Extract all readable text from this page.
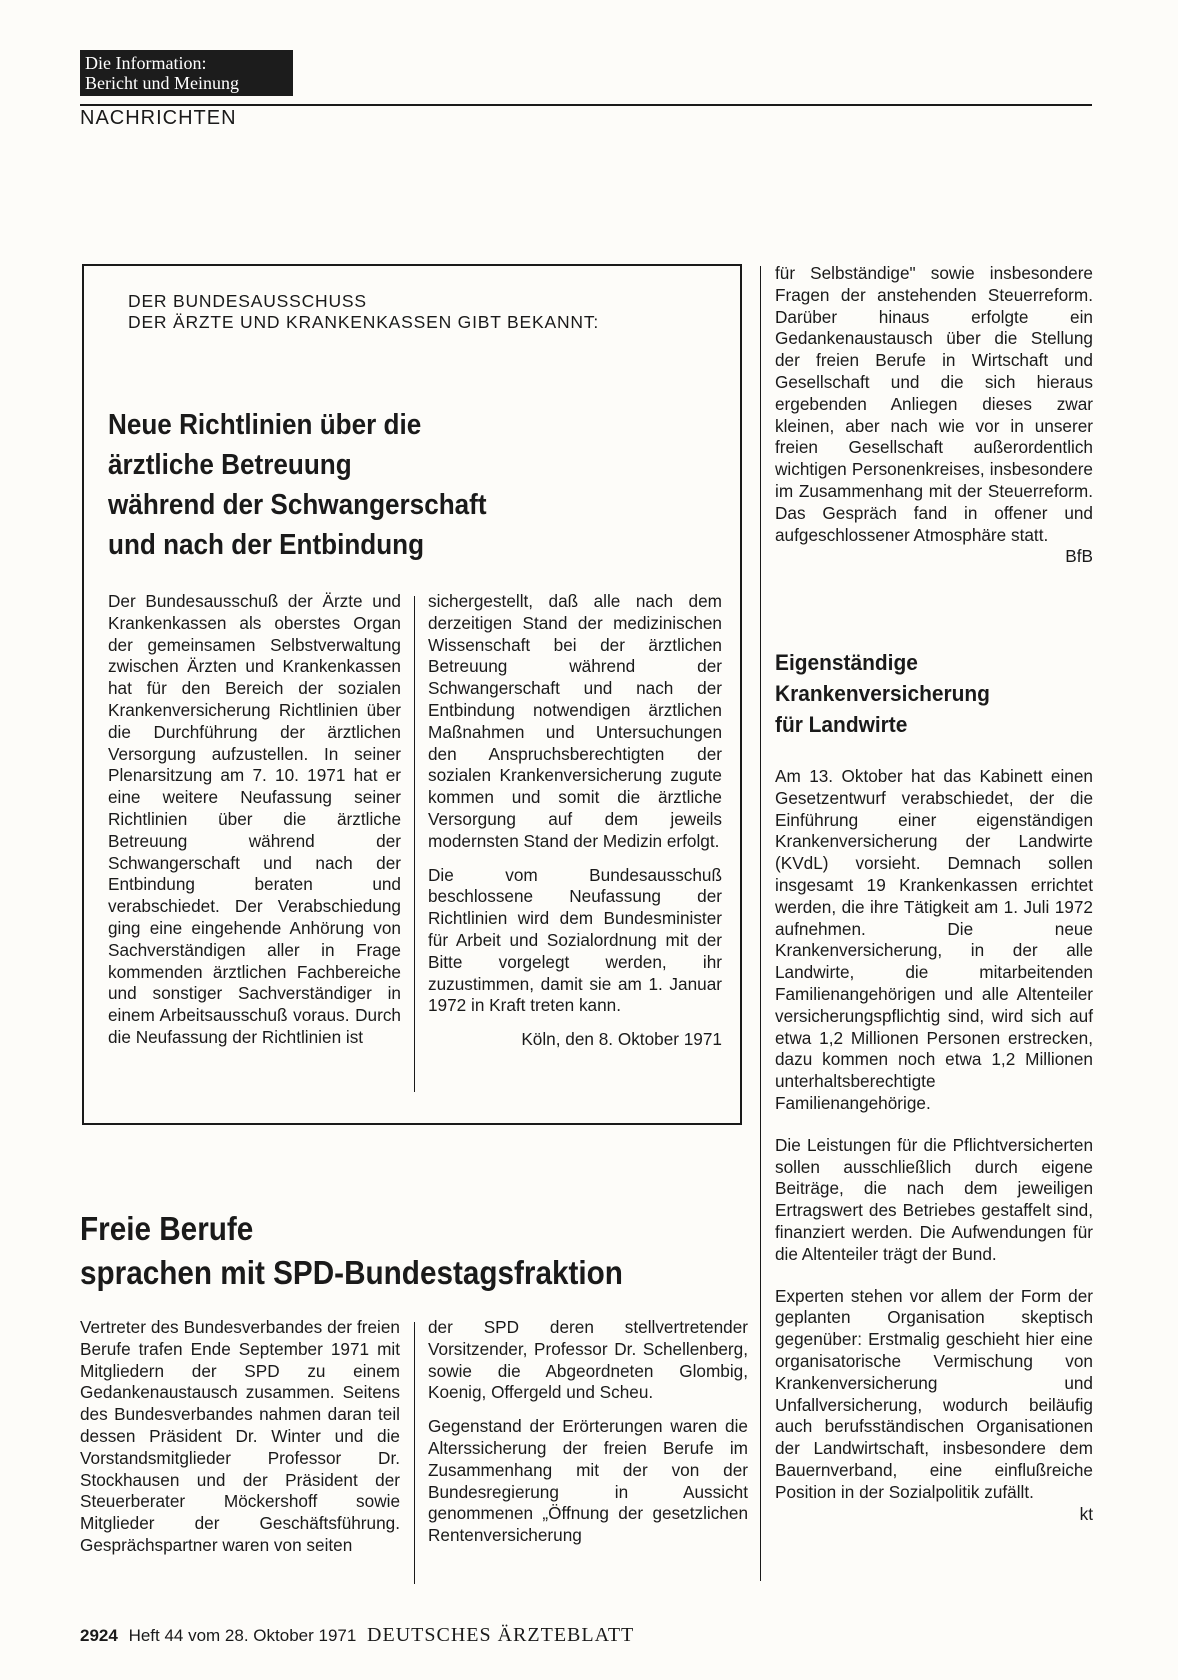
Die Information:
Bericht und Meinung
NACHRICHTEN
DER BUNDESAUSSCHUSS
DER ÄRZTE UND KRANKENKASSEN GIBT BEKANNT:
Neue Richtlinien über die
ärztliche Betreuung
während der Schwangerschaft
und nach der Entbindung

Der Bundesausschuß der Ärzte und Krankenkassen als oberstes Organ der gemeinsamen Selbstverwaltung zwischen Ärzten und Krankenkassen hat für den Bereich der sozialen Krankenversicherung Richtlinien über die Durchführung der ärztlichen Versorgung aufzustellen. In seiner Plenarsitzung am 7. 10. 1971 hat er eine weitere Neufassung seiner Richtlinien über die ärztliche Betreuung während der Schwangerschaft und nach der Entbindung beraten und verabschiedet. Der Verabschiedung ging eine eingehende Anhörung von Sachverständigen aller in Frage kommenden ärztlichen Fachbereiche und sonstiger Sachverständiger in einem Arbeitsausschuß voraus. Durch die Neufassung der Richtlinien ist

sichergestellt, daß alle nach dem derzeitigen Stand der medizinischen Wissenschaft bei der ärztlichen Betreuung während der Schwangerschaft und nach der Entbindung notwendigen ärztlichen Maßnahmen und Untersuchungen den Anspruchsberechtigten der sozialen Krankenversicherung zugute kommen und somit die ärztliche Versorgung auf dem jeweils modernsten Stand der Medizin erfolgt.

Die vom Bundesausschuß beschlossene Neufassung der Richtlinien wird dem Bundesminister für Arbeit und Sozialordnung mit der Bitte vorgelegt werden, ihr zuzustimmen, damit sie am 1. Januar 1972 in Kraft treten kann.

Köln, den 8. Oktober 1971
Freie Berufe
sprachen mit SPD-Bundestagsfraktion

Vertreter des Bundesverbandes der freien Berufe trafen Ende September 1971 mit Mitgliedern der SPD zu einem Gedankenaustausch zusammen. Seitens des Bundesverbandes nahmen daran teil dessen Präsident Dr. Winter und die Vorstandsmitglieder Professor Dr. Stockhausen und der Präsident der Steuerberater Möckershoff sowie Mitglieder der Geschäftsführung. Gesprächspartner waren von seiten

der SPD deren stellvertretender Vorsitzender, Professor Dr. Schellenberg, sowie die Abgeordneten Glombig, Koenig, Offergeld und Scheu.

Gegenstand der Erörterungen waren die Alterssicherung der freien Berufe im Zusammenhang mit der von der Bundesregierung in Aussicht genommenen „Öffnung der gesetzlichen Rentenversicherung

für Selbständige" sowie insbesondere Fragen der anstehenden Steuerreform. Darüber hinaus erfolgte ein Gedankenaustausch über die Stellung der freien Berufe in Wirtschaft und Gesellschaft und die sich hieraus ergebenden Anliegen dieses zwar kleinen, aber nach wie vor in unserer freien Gesellschaft außerordentlich wichtigen Personenkreises, insbesondere im Zusammenhang mit der Steuerreform. Das Gespräch fand in offener und aufgeschlossener Atmosphäre statt.

BfB
Eigenständige
Krankenversicherung
für Landwirte

Am 13. Oktober hat das Kabinett einen Gesetzentwurf verabschiedet, der die Einführung einer eigenständigen Krankenversicherung der Landwirte (KVdL) vorsieht. Demnach sollen insgesamt 19 Krankenkassen errichtet werden, die ihre Tätigkeit am 1. Juli 1972 aufnehmen. Die neue Krankenversicherung, in der alle Landwirte, die mitarbeitenden Familienangehörigen und alle Altenteiler versicherungspflichtig sind, wird sich auf etwa 1,2 Millionen Personen erstrecken, dazu kommen noch etwa 1,2 Millionen unterhaltsberechtigte Familienangehörige.

Die Leistungen für die Pflichtversicherten sollen ausschließlich durch eigene Beiträge, die nach dem jeweiligen Ertragswert des Betriebes gestaffelt sind, finanziert werden. Die Aufwendungen für die Altenteiler trägt der Bund.

Experten stehen vor allem der Form der geplanten Organisation skeptisch gegenüber: Erstmalig geschieht hier eine organisatorische Vermischung von Krankenversicherung und Unfallversicherung, wodurch beiläufig auch berufsständischen Organisationen der Landwirtschaft, insbesondere dem Bauernverband, eine einflußreiche Position in der Sozialpolitik zufällt.

kt
2924 Heft 44 vom 28. Oktober 1971 DEUTSCHES ÄRZTEBLATT
